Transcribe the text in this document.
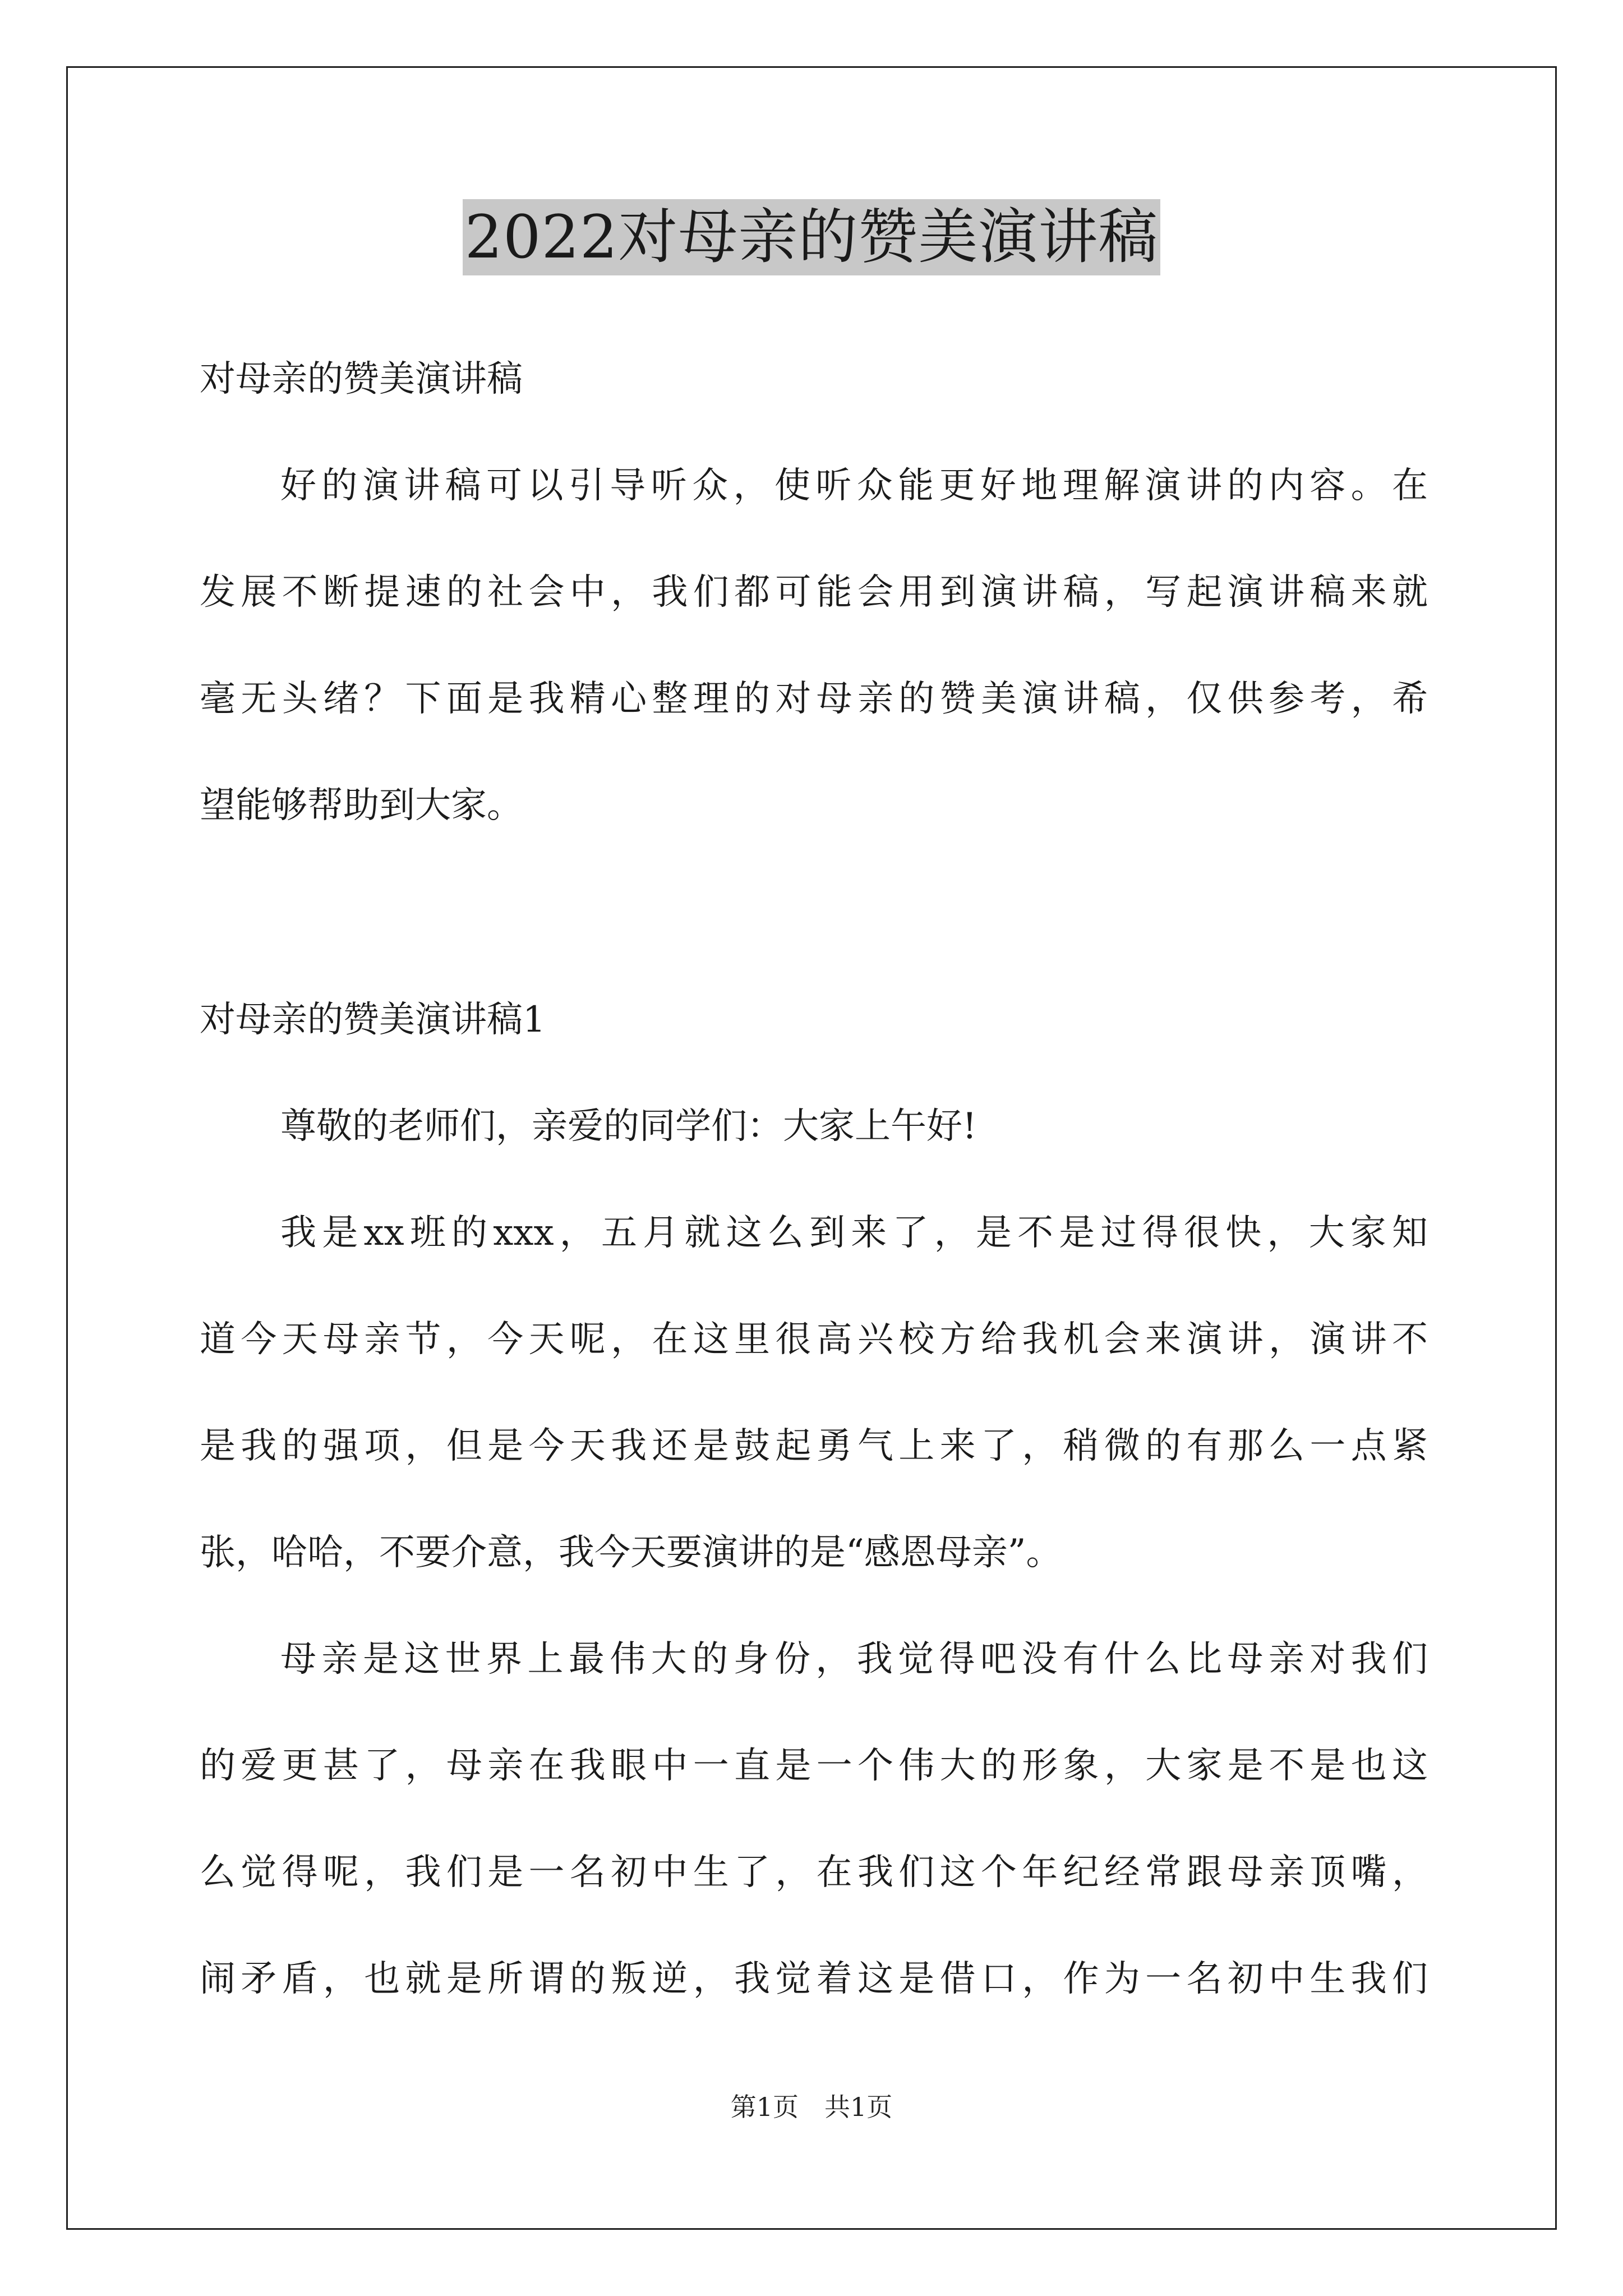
2022对母亲的赞美演讲稿
对母亲的赞美演讲稿
好的演讲稿可以引导听众，使听众能更好地理解演讲的内容。在
发展不断提速的社会中，我们都可能会用到演讲稿，写起演讲稿来就
毫无头绪？下面是我精心整理的对母亲的赞美演讲稿，仅供参考，希
望能够帮助到大家。
对母亲的赞美演讲稿1
尊敬的老师们，亲爱的同学们：大家上午好!
我是xx班的xxx，五月就这么到来了，是不是过得很快，大家知
道今天母亲节，今天呢，在这里很高兴校方给我机会来演讲，演讲不
是我的强项，但是今天我还是鼓起勇气上来了，稍微的有那么一点紧
张，哈哈，不要介意，我今天要演讲的是“感恩母亲”。
母亲是这世界上最伟大的身份，我觉得吧没有什么比母亲对我们
的爱更甚了，母亲在我眼中一直是一个伟大的形象，大家是不是也这
么觉得呢，我们是一名初中生了，在我们这个年纪经常跟母亲顶嘴，
闹矛盾，也就是所谓的叛逆，我觉着这是借口，作为一名初中生我们
第1页　共1页
